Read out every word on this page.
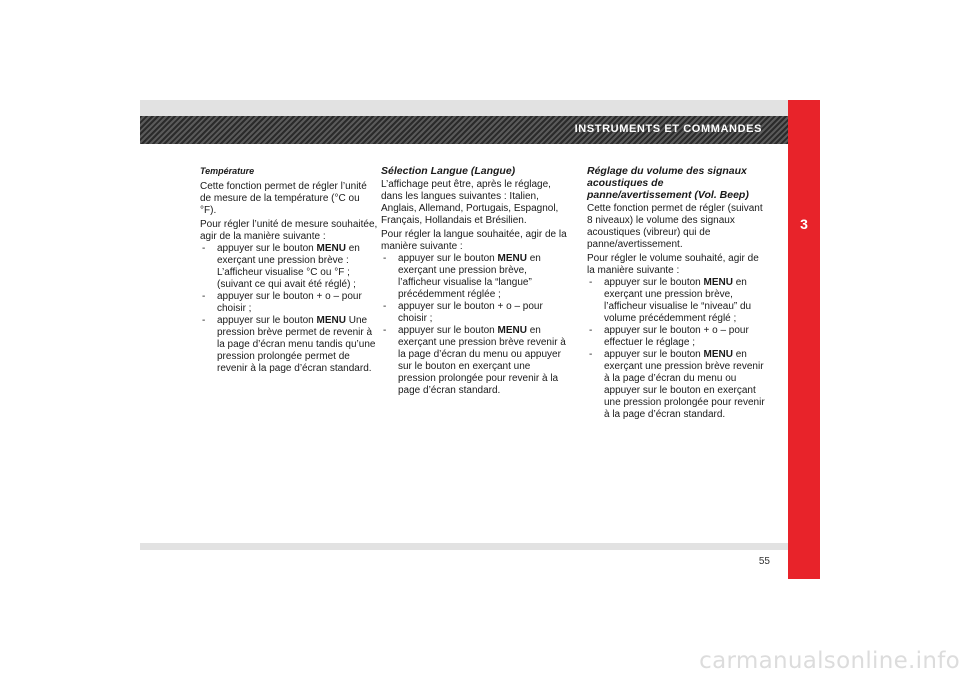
INSTRUMENTS ET COMMANDES
3

Température

Cette fonction permet de régler l’unité de mesure de la température (°C ou °F).

Pour régler l’unité de mesure souhaitée, agir de la manière suivante :

- appuyer sur le bouton MENU en exerçant une pression brève : L’afficheur visualise °C ou °F ; (suivant ce qui avait été réglé) ;
- appuyer sur le bouton + o – pour choisir ;
- appuyer sur le bouton MENU Une pression brève permet de revenir à la page d’écran menu tandis qu’une pression prolongée permet de revenir à la page d’écran standard.

Sélection Langue (Langue)

L’affichage peut être, après le réglage, dans les langues suivantes : Italien, Anglais, Allemand, Portugais, Espagnol, Français, Hollandais et Brésilien.

Pour régler la langue souhaitée, agir de la manière suivante :

- appuyer sur le bouton MENU en exerçant une pression brève, l’afficheur visualise la “langue” précédemment réglée ;
- appuyer sur le bouton + o – pour choisir ;
- appuyer sur le bouton MENU en exerçant une pression brève revenir à la page d’écran du menu ou appuyer sur le bouton en exerçant une pression prolongée pour revenir à la page d’écran standard.

Réglage du volume des signaux acoustiques de panne/avertissement (Vol. Beep)

Cette fonction permet de régler (suivant 8 niveaux) le volume des signaux acoustiques (vibreur) qui de panne/avertissement.

Pour régler le volume souhaité, agir de la manière suivante :

- appuyer sur le bouton MENU en exerçant une pression brève, l’afficheur visualise le “niveau” du volume précédemment réglé ;
- appuyer sur le bouton + o – pour effectuer le réglage ;
- appuyer sur le bouton MENU en exerçant une pression brève revenir à la page d’écran du menu ou appuyer sur le bouton en exerçant une pression prolongée pour revenir à la page d’écran standard.
55
carmanualsonline.info
